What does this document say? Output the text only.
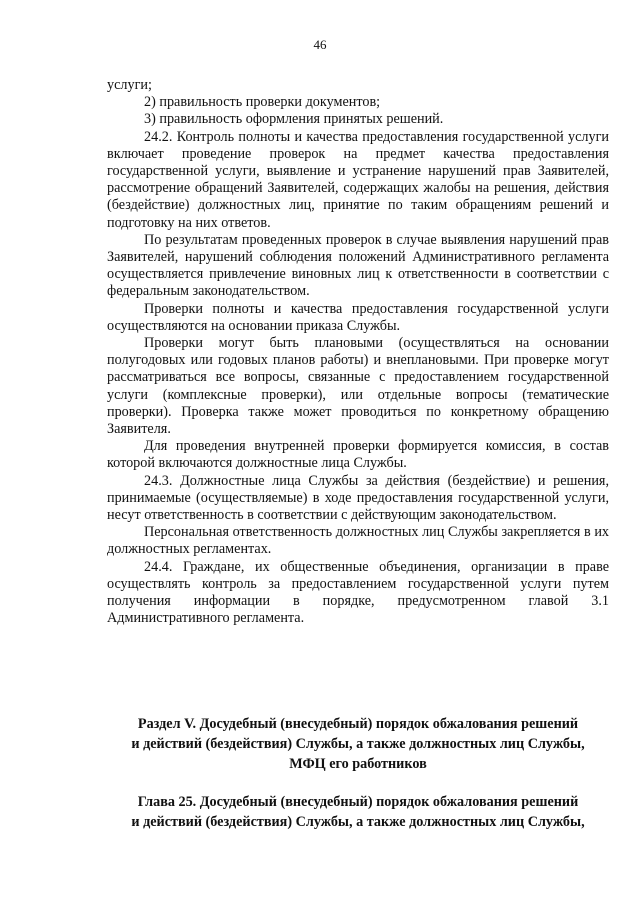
46

услуги;

2) правильность проверки документов;

3) правильность оформления принятых решений.

24.2. Контроль полноты и качества предоставления государственной услуги включает проведение проверок на предмет качества предоставления государственной услуги, выявление и устранение нарушений прав Заявителей, рассмотрение обращений Заявителей, содержащих жалобы на решения, действия (бездействие) должностных лиц, принятие по таким обращениям решений и подготовку на них ответов.

По результатам проведенных проверок в случае выявления нарушений прав Заявителей, нарушений соблюдения положений Административного регламента осуществляется привлечение виновных лиц к ответственности в соответствии с федеральным законодательством.

Проверки полноты и качества предоставления государственной услуги осуществляются на основании приказа Службы.

Проверки могут быть плановыми (осуществляться на основании полугодовых или годовых планов работы) и внеплановыми. При проверке могут рассматриваться все вопросы, связанные с предоставлением государственной услуги (комплексные проверки), или отдельные вопросы (тематические проверки). Проверка также может проводиться по конкретному обращению Заявителя.

Для проведения внутренней проверки формируется комиссия, в состав которой включаются должностные лица Службы.

24.3. Должностные лица Службы за действия (бездействие) и решения, принимаемые (осуществляемые) в ходе предоставления государственной услуги, несут ответственность в соответствии с действующим законодательством.

Персональная ответственность должностных лиц Службы закрепляется в их должностных регламентах.

24.4. Граждане, их общественные объединения, организации в праве осуществлять контроль за предоставлением государственной услуги путем получения информации в порядке, предусмотренном главой 3.1 Административного регламента.

Раздел V. Досудебный (внесудебный) порядок обжалования решений
и действий (бездействия) Службы, а также должностных лиц Службы,
МФЦ его работников
Глава 25. Досудебный (внесудебный) порядок обжалования решений
и действий (бездействия) Службы, а также должностных лиц Службы,
